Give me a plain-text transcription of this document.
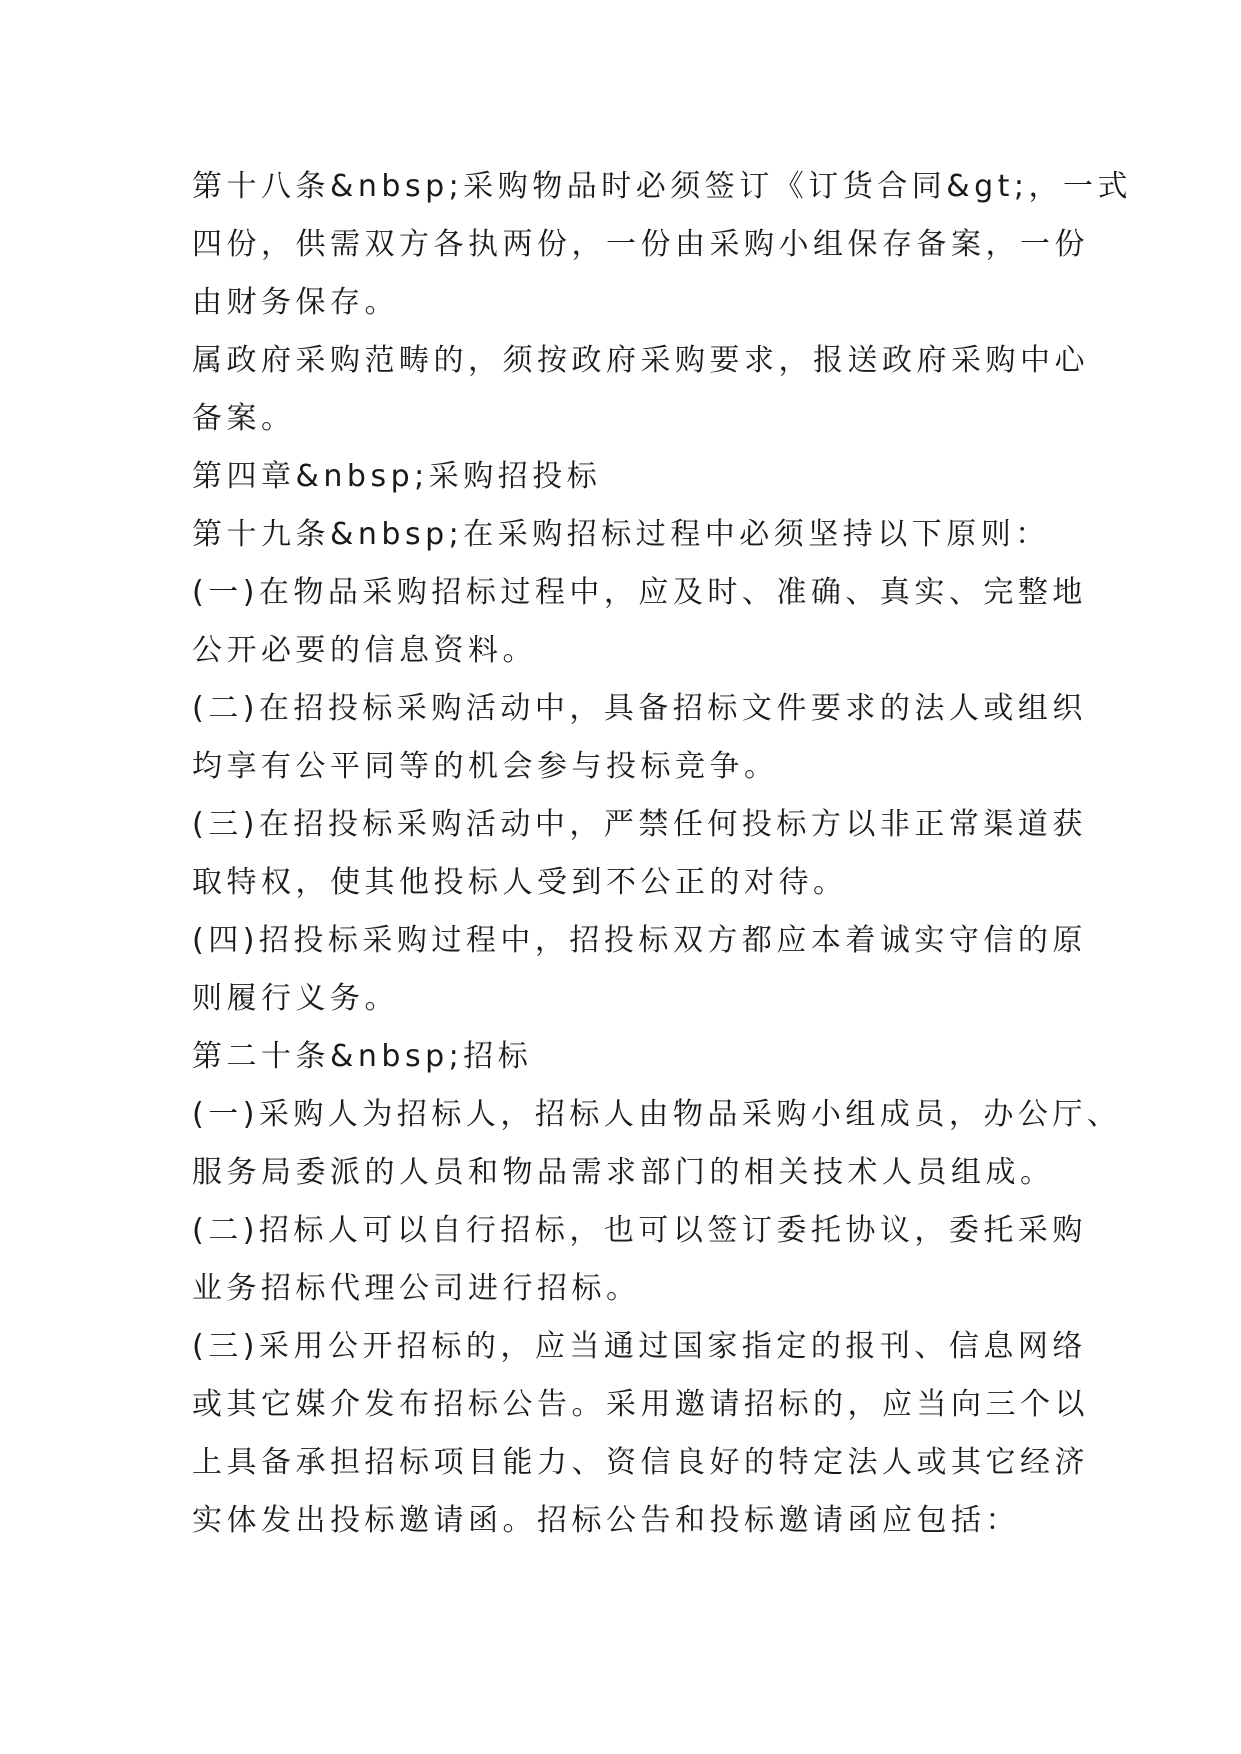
第十八条&nbsp;采购物品时必须签订《订货合同&gt;，一式
四份，供需双方各执两份，一份由采购小组保存备案，一份
由财务保存。
属政府采购范畴的，须按政府采购要求，报送政府采购中心
备案。
第四章&nbsp;采购招投标
第十九条&nbsp;在采购招标过程中必须坚持以下原则：
(一)在物品采购招标过程中，应及时、准确、真实、完整地
公开必要的信息资料。
(二)在招投标采购活动中，具备招标文件要求的法人或组织
均享有公平同等的机会参与投标竞争。
(三)在招投标采购活动中，严禁任何投标方以非正常渠道获
取特权，使其他投标人受到不公正的对待。
(四)招投标采购过程中，招投标双方都应本着诚实守信的原
则履行义务。
第二十条&nbsp;招标
(一)采购人为招标人，招标人由物品采购小组成员，办公厅、
服务局委派的人员和物品需求部门的相关技术人员组成。
(二)招标人可以自行招标，也可以签订委托协议，委托采购
业务招标代理公司进行招标。
(三)采用公开招标的，应当通过国家指定的报刊、信息网络
或其它媒介发布招标公告。采用邀请招标的，应当向三个以
上具备承担招标项目能力、资信良好的特定法人或其它经济
实体发出投标邀请函。招标公告和投标邀请函应包括：
